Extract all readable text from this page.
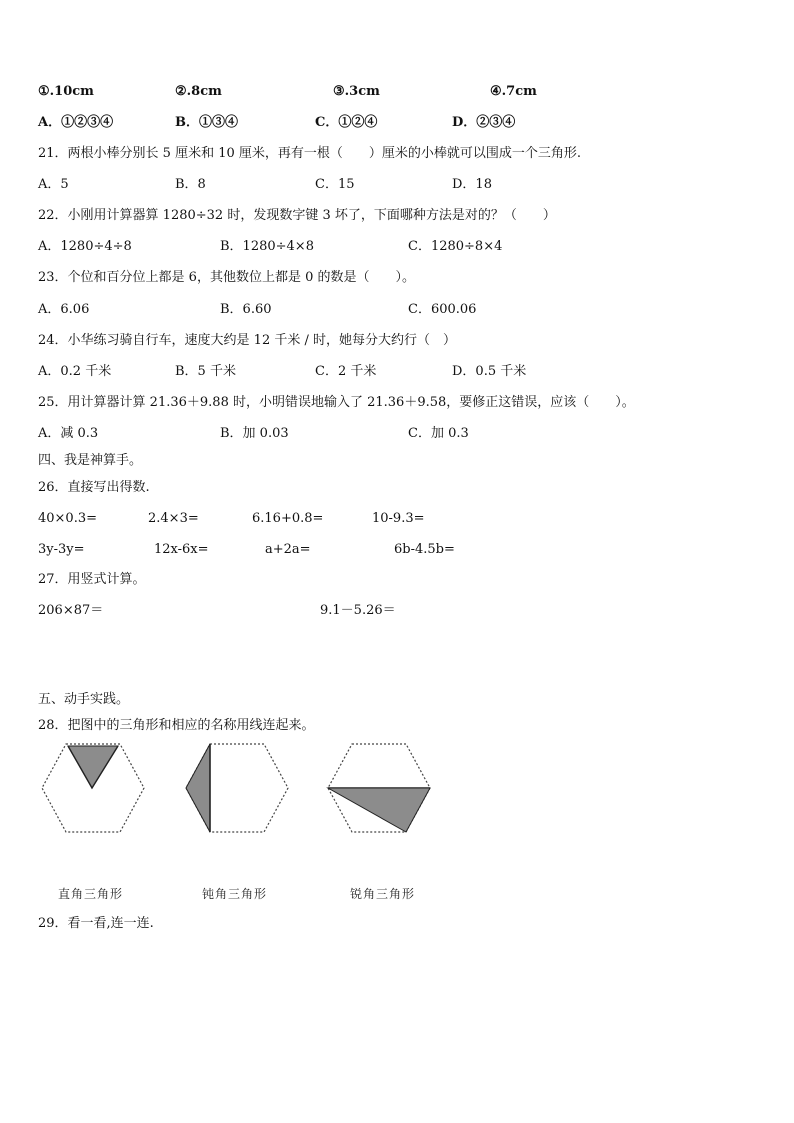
①.10cm	②.8cm	③.3cm	④.7cm
A．①②③④	B．①③④	C．①②④	D．②③④
21．两根小棒分别长 5 厘米和 10 厘米，再有一根（　　）厘米的小棒就可以围成一个三角形.
A．5	B．8	C．15	D．18
22．小刚用计算器算 1280÷32 时，发现数字键 3 坏了，下面哪种方法是对的？（　　）
A．1280÷4÷8	B．1280÷4×8	C．1280÷8×4
23．个位和百分位上都是 6，其他数位上都是 0 的数是（　　）。
A．6.06	B．6.60	C．600.06
24．小华练习骑自行车，速度大约是 12 千米 / 时，她每分大约行（　）
A．0.2 千米	B．5 千米	C．2 千米	D．0.5 千米
25．用计算器计算 21.36＋9.88 时，小明错误地输入了 21.36＋9.58，要修正这错误，应该（　　）。
A．减 0.3	B．加 0.03	C．加 0.3
四、我是神算手。
26．直接写出得数.
40×0.3=	2.4×3=	6.16+0.8=	10-9.3=
3y-3y=	12x-6x=	a+2a=	6b-4.5b=
27．用竖式计算。
206×87＝	9.1－5.26＝
五、动手实践。
28．把图中的三角形和相应的名称用线连起来。
直角三角形	钝角三角形	锐角三角形
29．看一看,连一连.
